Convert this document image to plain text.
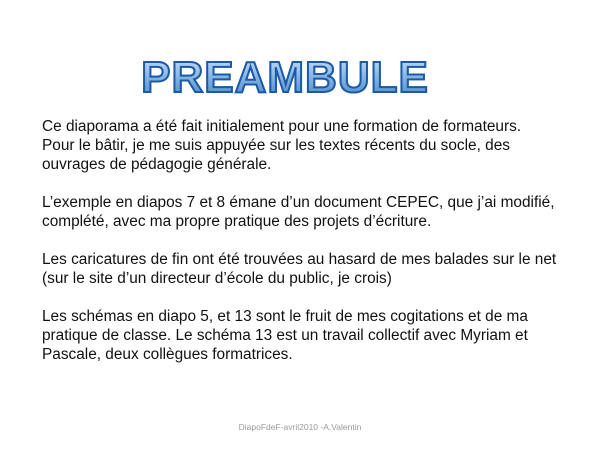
PREAMBULE

Ce diaporama a été fait initialement pour une formation de formateurs.
Pour le bâtir, je me suis appuyée sur les textes récents du socle, des
ouvrages de pédagogie générale.

L’exemple en diapos 7 et 8 émane d’un document CEPEC, que j’ai modifié,
complété, avec ma propre pratique des projets d’écriture.

Les caricatures de fin ont été trouvées au hasard de mes balades sur le net
(sur le site d’un directeur d’école du public, je crois)

Les schémas en diapo 5, et 13 sont le fruit de mes cogitations et de ma
pratique de classe. Le schéma 13 est un travail collectif avec Myriam et
Pascale, deux collègues formatrices.

DiapoFdeF-avril2010 -A.Valentin
